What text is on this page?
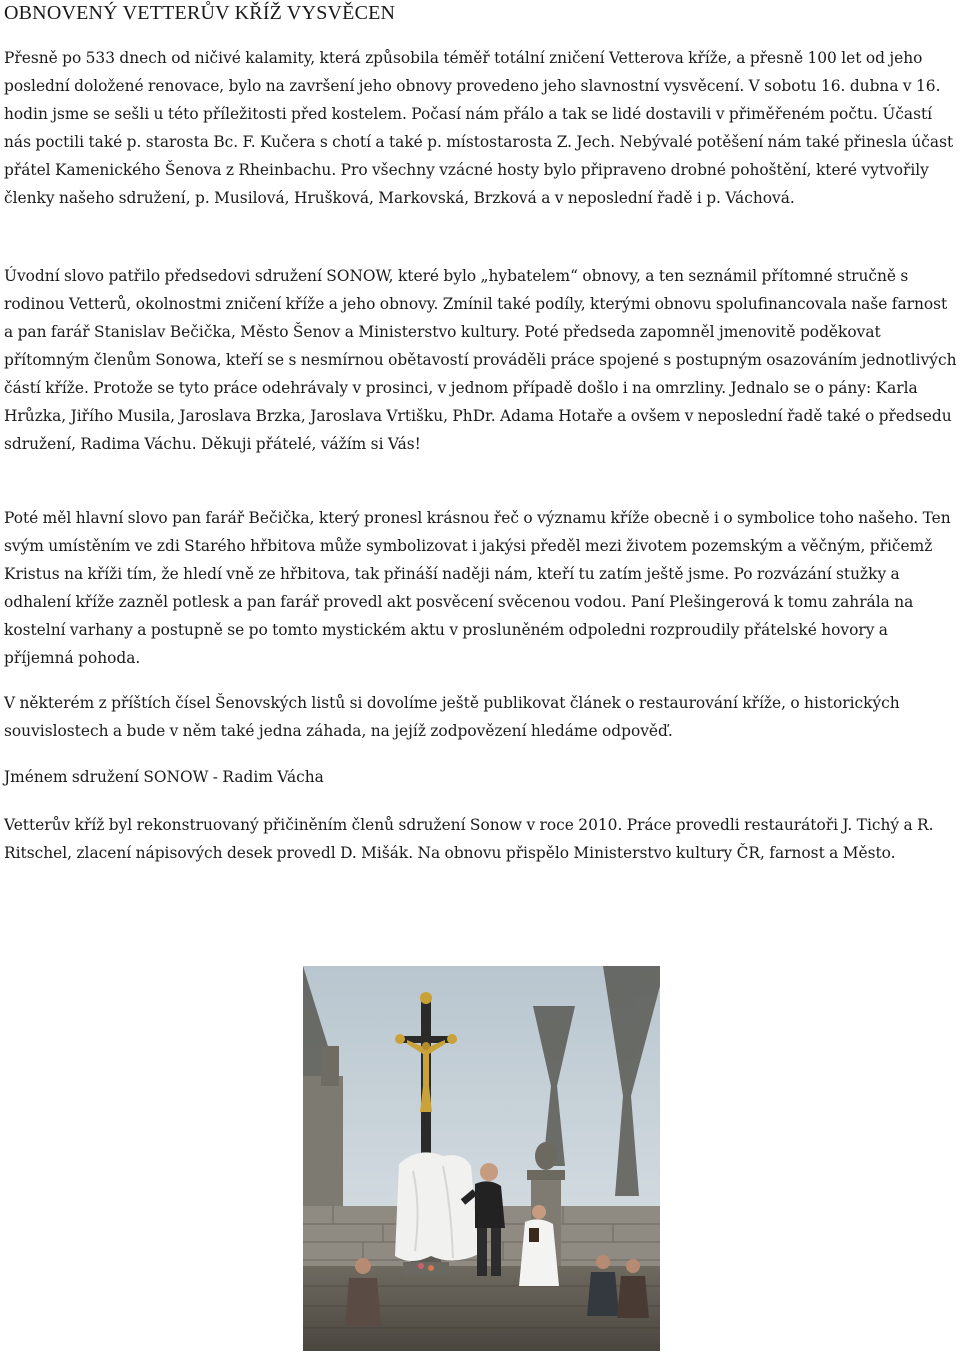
OBNOVENÝ VETTERŮV KŘÍŽ VYSVĚCEN

Přesně po 533 dnech od ničivé kalamity, která způsobila téměř totální zničení Vetterova kříže, a přesně 100 let od jeho poslední doložené renovace, bylo na završení jeho obnovy provedeno jeho slavnostní vysvěcení. V sobotu 16. dubna v 16. hodin jsme se sešli u této příležitosti před kostelem. Počasí nám přálo a tak se lidé dostavili v přiměřeném počtu. Účastí nás poctili také p. starosta Bc. F. Kučera s chotí a také p. místostarosta Z. Jech. Nebývalé potěšení nám také přinesla účast přátel Kamenického Šenova z Rheinbachu. Pro všechny vzácné hosty bylo připraveno drobné pohoštění, které vytvořily členky našeho sdružení, p. Musilová, Hrušková, Markovská, Brzková a v neposlední řadě i p. Váchová.

Úvodní slovo patřilo předsedovi sdružení SONOW, které bylo „hybatelem“ obnovy, a ten seznámil přítomné stručně s rodinou Vetterů, okolnostmi zničení kříže a jeho obnovy. Zmínil také podíly, kterými obnovu spolufinancovala naše farnost a pan farář Stanislav Bečička, Město Šenov a Ministerstvo kultury. Poté předseda zapomněl jmenovitě poděkovat přítomným členům Sonowa, kteří se s nesmírnou obětavostí prováděli práce spojené s postupným osazováním jednotlivých částí kříže. Protože se tyto práce odehrávaly v prosinci, v jednom případě došlo i na omrzliny. Jednalo se o pány: Karla Hrůzka, Jiřího Musila, Jaroslava Brzka, Jaroslava Vrtišku, PhDr. Adama Hotaře a ovšem v neposlední řadě také o předsedu sdružení, Radima Váchu. Děkuji přátelé, vážím si Vás!

Poté měl hlavní slovo pan farář Bečička, který pronesl krásnou řeč o významu kříže obecně i o symbolice toho našeho. Ten svým umístěním ve zdi Starého hřbitova může symbolizovat i jakýsi předěl mezi životem pozemským a věčným, přičemž Kristus na kříži tím, že hledí vně ze hřbitova, tak přináší naději nám, kteří tu zatím ještě jsme. Po rozvázání stužky a odhalení kříže zazněl potlesk a pan farář provedl akt posvěcení svěcenou vodou. Paní Plešingerová k tomu zahrála na kostelní varhany a postupně se po tomto mystickém aktu v prosluněném odpoledni rozproudily přátelské hovory a příjemná pohoda.

V některém z příštích čísel Šenovských listů si dovolíme ještě publikovat článek o restaurování kříže, o historických souvislostech a bude v něm také jedna záhada, na jejíž zodpovězení hledáme odpověď.

Jménem sdružení SONOW - Radim Vácha

Vetterův kříž byl rekonstruovaný přičiněním členů sdružení Sonow v roce 2010. Práce provedli restaurátoři J. Tichý a R. Ritschel, zlacení nápisových desek provedl D. Mišák. Na obnovu přispělo Ministerstvo kultury ČR, farnost a Město.
